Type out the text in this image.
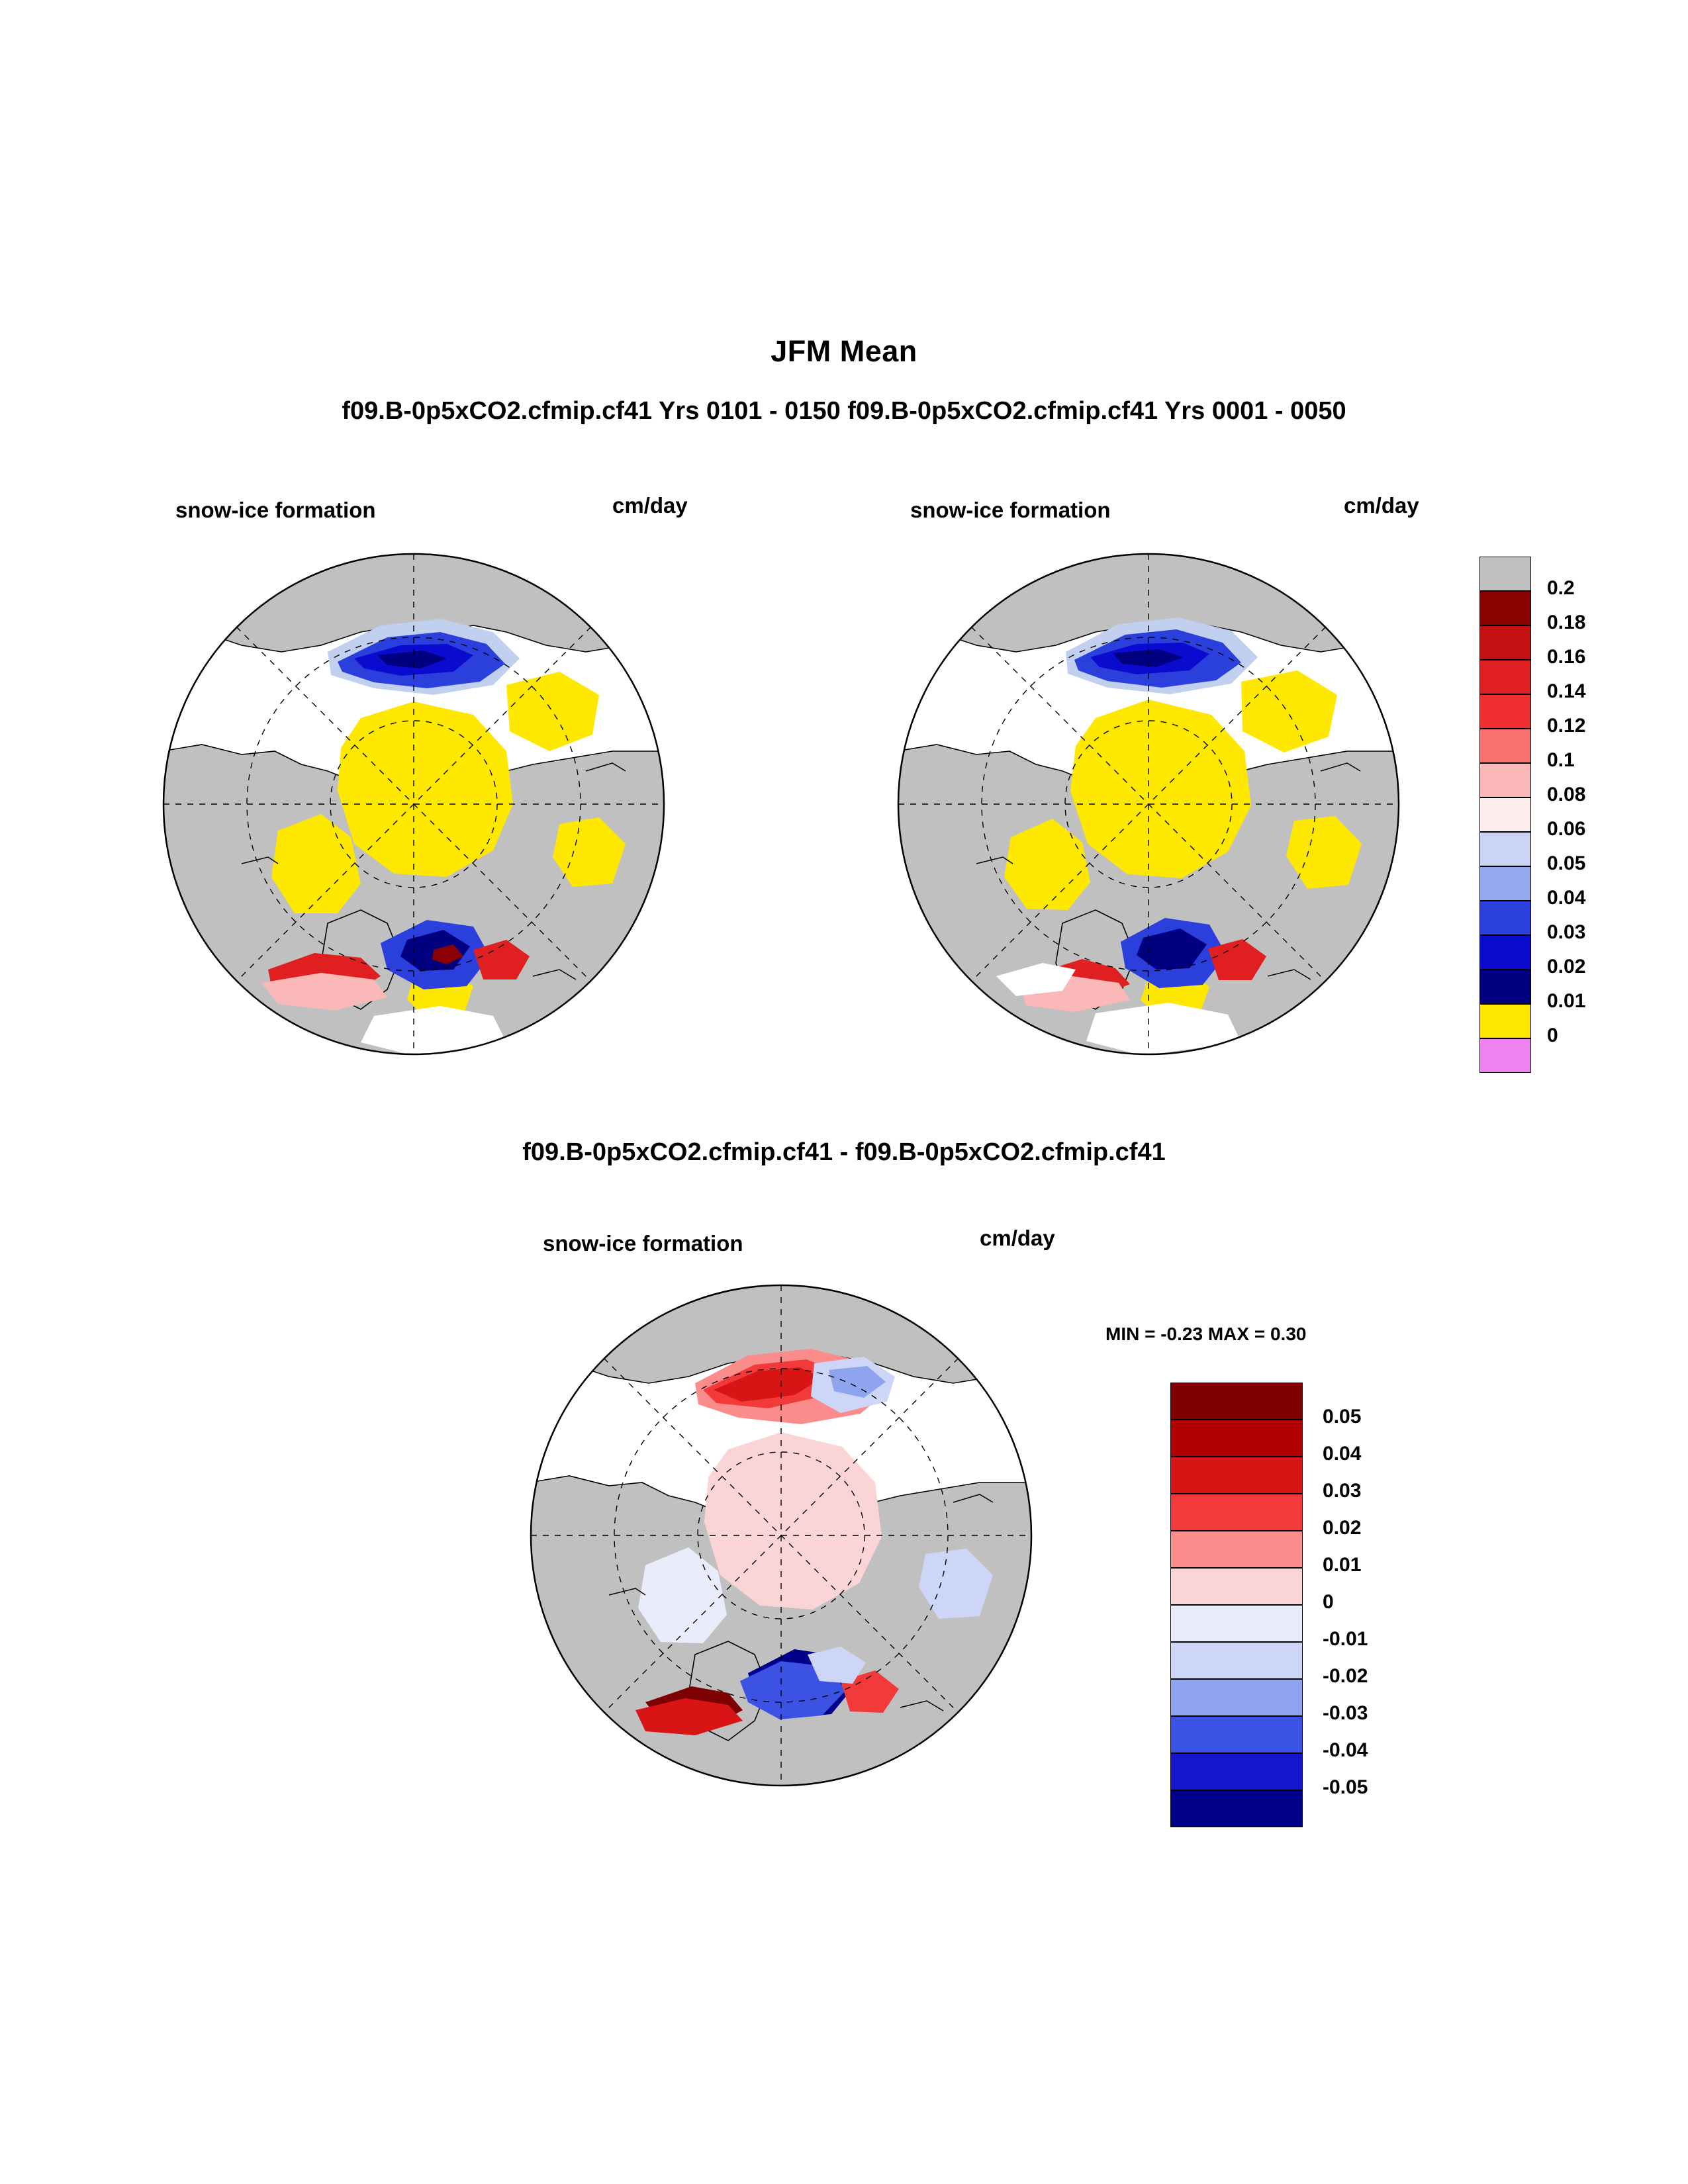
JFM Mean
f09.B-0p5xCO2.cfmip.cf41 Yrs 0101 - 0150 f09.B-0p5xCO2.cfmip.cf41 Yrs 0001 - 0050
f09.B-0p5xCO2.cfmip.cf41 - f09.B-0p5xCO2.cfmip.cf41
snow-ice formation	cm/day	snow-ice formation	cm/day
0.2
0.18
0.16
0.14
0.12
0.1
0.08
0.06
0.05
0.04
0.03
0.02
0.01
0
snow-ice formation	cm/day
MIN = -0.23 MAX = 0.30
0.05
0.04
0.03
0.02
0.01
0
-0.01
-0.02
-0.03
-0.04
-0.05
